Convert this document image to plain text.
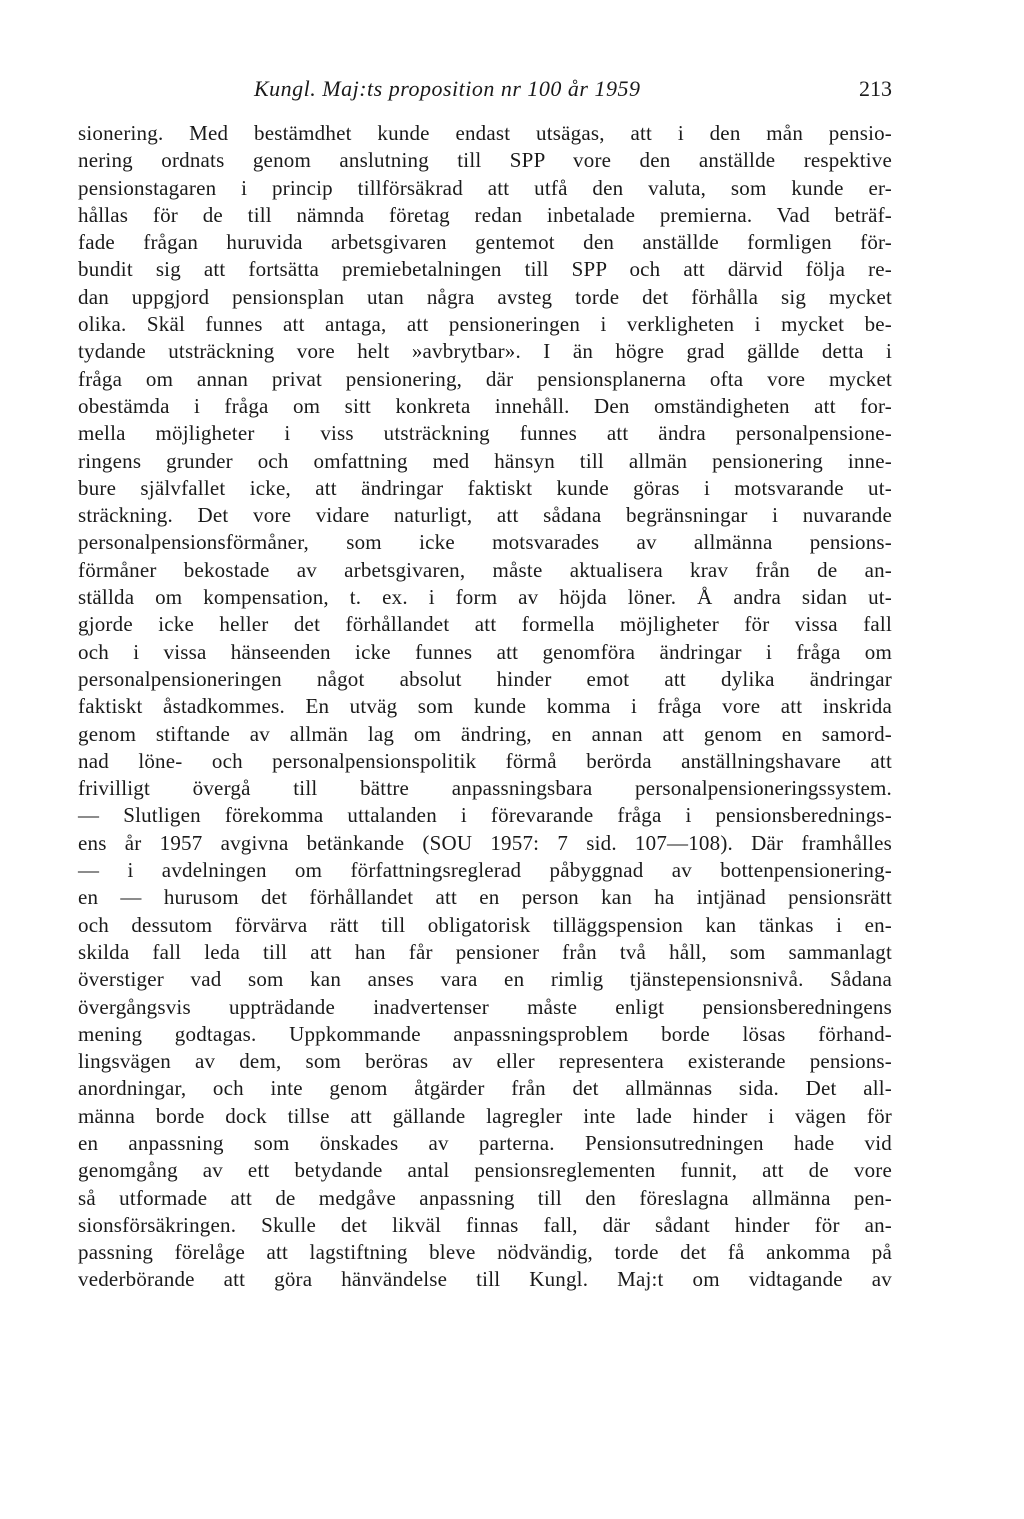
Kungl. Maj:ts proposition nr 100 år 1959	213
sionering. Med bestämdhet kunde endast utsägas, att i den mån pensio-
nering ordnats genom anslutning till SPP vore den anställde respektive
pensionstagaren i princip tillförsäkrad att utfå den valuta, som kunde er-
hållas för de till nämnda företag redan inbetalade premierna. Vad beträf-
fade frågan huruvida arbetsgivaren gentemot den anställde formligen för-
bundit sig att fortsätta premiebetalningen till SPP och att därvid följa re-
dan uppgjord pensionsplan utan några avsteg torde det förhålla sig mycket
olika. Skäl funnes att antaga, att pensioneringen i verkligheten i mycket be-
tydande utsträckning vore helt »avbrytbar». I än högre grad gällde detta i
fråga om annan privat pensionering, där pensionsplanerna ofta vore mycket
obestämda i fråga om sitt konkreta innehåll. Den omständigheten att for-
mella möjligheter i viss utsträckning funnes att ändra personalpensione-
ringens grunder och omfattning med hänsyn till allmän pensionering inne-
bure självfallet icke, att ändringar faktiskt kunde göras i motsvarande ut-
sträckning. Det vore vidare naturligt, att sådana begränsningar i nuvarande
personalpensionsförmåner, som icke motsvarades av allmänna pensions-
förmåner bekostade av arbetsgivaren, måste aktualisera krav från de an-
ställda om kompensation, t. ex. i form av höjda löner. Å andra sidan ut-
gjorde icke heller det förhållandet att formella möjligheter för vissa fall
och i vissa hänseenden icke funnes att genomföra ändringar i fråga om
personalpensioneringen något absolut hinder emot att dylika ändringar
faktiskt åstadkommes. En utväg som kunde komma i fråga vore att inskrida
genom stiftande av allmän lag om ändring, en annan att genom en samord-
nad löne- och personalpensionspolitik förmå berörda anställningshavare att
frivilligt övergå till bättre anpassningsbara personalpensioneringssystem.
— Slutligen förekomma uttalanden i förevarande fråga i pensionsberednings-
ens år 1957 avgivna betänkande (SOU 1957: 7 sid. 107—108). Där framhålles
— i avdelningen om författningsreglerad påbyggnad av bottenpensionering-
en — hurusom det förhållandet att en person kan ha intjänad pensionsrätt
och dessutom förvärva rätt till obligatorisk tilläggspension kan tänkas i en-
skilda fall leda till att han får pensioner från två håll, som sammanlagt
överstiger vad som kan anses vara en rimlig tjänstepensionsnivå. Sådana
övergångsvis uppträdande inadvertenser måste enligt pensionsberedningens
mening godtagas. Uppkommande anpassningsproblem borde lösas förhand-
lingsvägen av dem, som beröras av eller representera existerande pensions-
anordningar, och inte genom åtgärder från det allmännas sida. Det all-
männa borde dock tillse att gällande lagregler inte lade hinder i vägen för
en anpassning som önskades av parterna. Pensionsutredningen hade vid
genomgång av ett betydande antal pensionsreglementen funnit, att de vore
så utformade att de medgåve anpassning till den föreslagna allmänna pen-
sionsförsäkringen. Skulle det likväl finnas fall, där sådant hinder för an-
passning förelåge att lagstiftning bleve nödvändig, torde det få ankomma på
vederbörande att göra hänvändelse till Kungl. Maj:t om vidtagande av
